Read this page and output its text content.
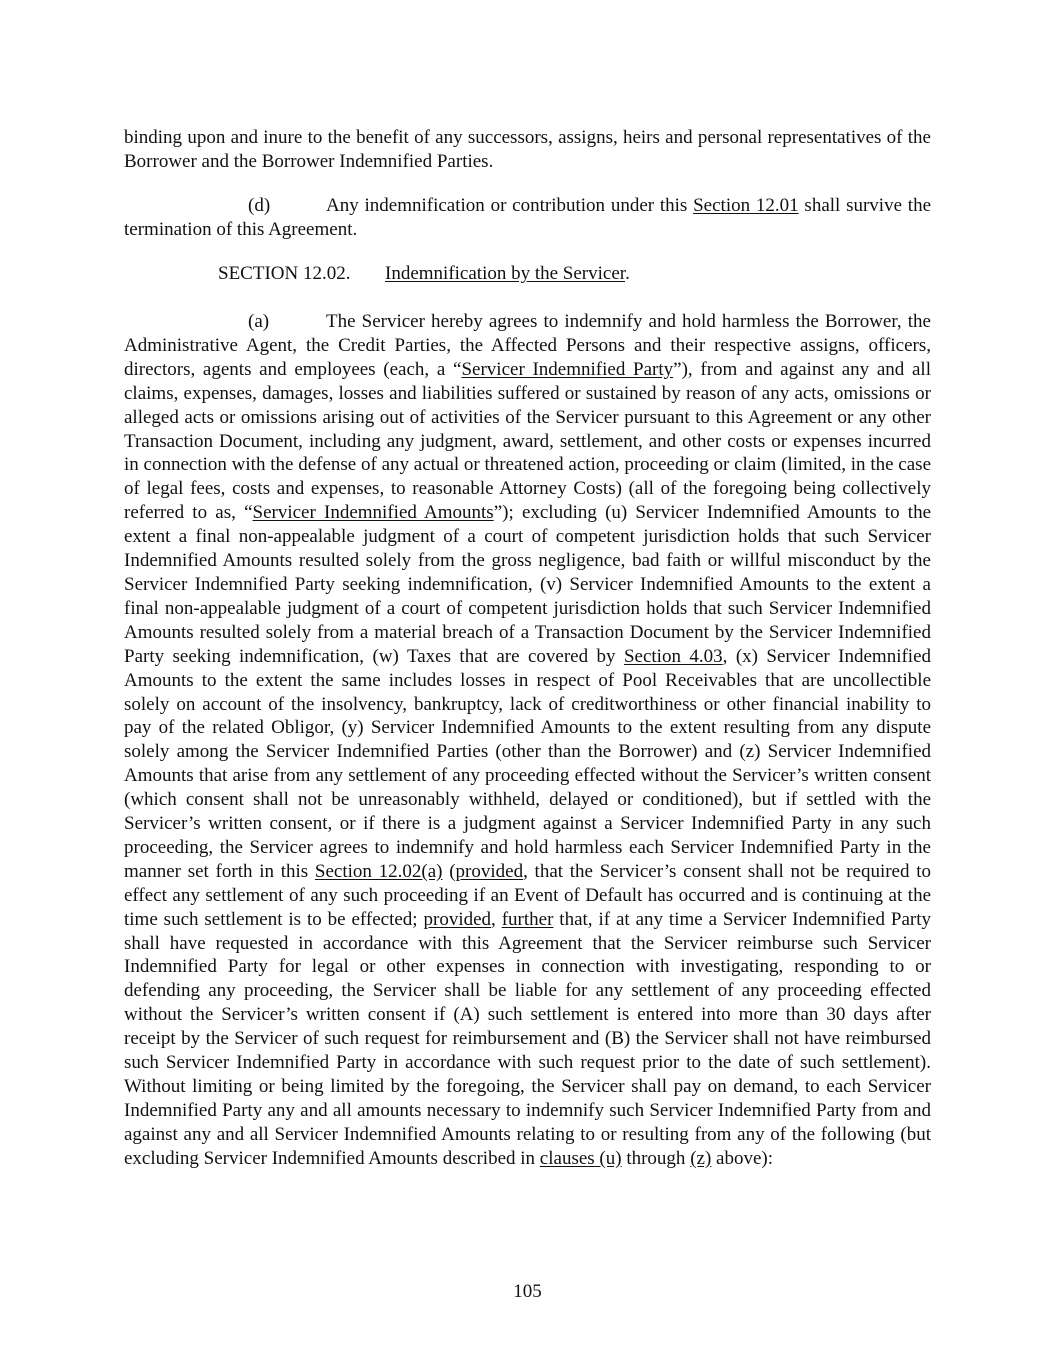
binding upon and inure to the benefit of any successors, assigns, heirs and personal representatives of the Borrower and the Borrower Indemnified Parties.

(d)	Any indemnification or contribution under this Section 12.01 shall survive the termination of this Agreement.

SECTION 12.02. Indemnification by the Servicer.

(a)	The Servicer hereby agrees to indemnify and hold harmless the Borrower, the Administrative Agent, the Credit Parties, the Affected Persons and their respective assigns, officers, directors, agents and employees (each, a “Servicer Indemnified Party”), from and against any and all claims, expenses, damages, losses and liabilities suffered or sustained by reason of any acts, omissions or alleged acts or omissions arising out of activities of the Servicer pursuant to this Agreement or any other Transaction Document, including any judgment, award, settlement, and other costs or expenses incurred in connection with the defense of any actual or threatened action, proceeding or claim (limited, in the case of legal fees, costs and expenses, to reasonable Attorney Costs) (all of the foregoing being collectively referred to as, “Servicer Indemnified Amounts”); excluding (u) Servicer Indemnified Amounts to the extent a final non-appealable judgment of a court of competent jurisdiction holds that such Servicer Indemnified Amounts resulted solely from the gross negligence, bad faith or willful misconduct by the Servicer Indemnified Party seeking indemnification, (v) Servicer Indemnified Amounts to the extent a final non-appealable judgment of a court of competent jurisdiction holds that such Servicer Indemnified Amounts resulted solely from a material breach of a Transaction Document by the Servicer Indemnified Party seeking indemnification, (w) Taxes that are covered by Section 4.03, (x) Servicer Indemnified Amounts to the extent the same includes losses in respect of Pool Receivables that are uncollectible solely on account of the insolvency, bankruptcy, lack of creditworthiness or other financial inability to pay of the related Obligor, (y) Servicer Indemnified Amounts to the extent resulting from any dispute solely among the Servicer Indemnified Parties (other than the Borrower) and (z) Servicer Indemnified Amounts that arise from any settlement of any proceeding effected without the Servicer’s written consent (which consent shall not be unreasonably withheld, delayed or conditioned), but if settled with the Servicer’s written consent, or if there is a judgment against a Servicer Indemnified Party in any such proceeding, the Servicer agrees to indemnify and hold harmless each Servicer Indemnified Party in the manner set forth in this Section 12.02(a) (provided, that the Servicer’s consent shall not be required to effect any settlement of any such proceeding if an Event of Default has occurred and is continuing at the time such settlement is to be effected; provided, further that, if at any time a Servicer Indemnified Party shall have requested in accordance with this Agreement that the Servicer reimburse such Servicer Indemnified Party for legal or other expenses in connection with investigating, responding to or defending any proceeding, the Servicer shall be liable for any settlement of any proceeding effected without the Servicer’s written consent if (A) such settlement is entered into more than 30 days after receipt by the Servicer of such request for reimbursement and (B) the Servicer shall not have reimbursed such Servicer Indemnified Party in accordance with such request prior to the date of such settlement). Without limiting or being limited by the foregoing, the Servicer shall pay on demand, to each Servicer Indemnified Party any and all amounts necessary to indemnify such Servicer Indemnified Party from and against any and all Servicer Indemnified Amounts relating to or resulting from any of the following (but excluding Servicer Indemnified Amounts described in clauses (u) through (z) above):

105
